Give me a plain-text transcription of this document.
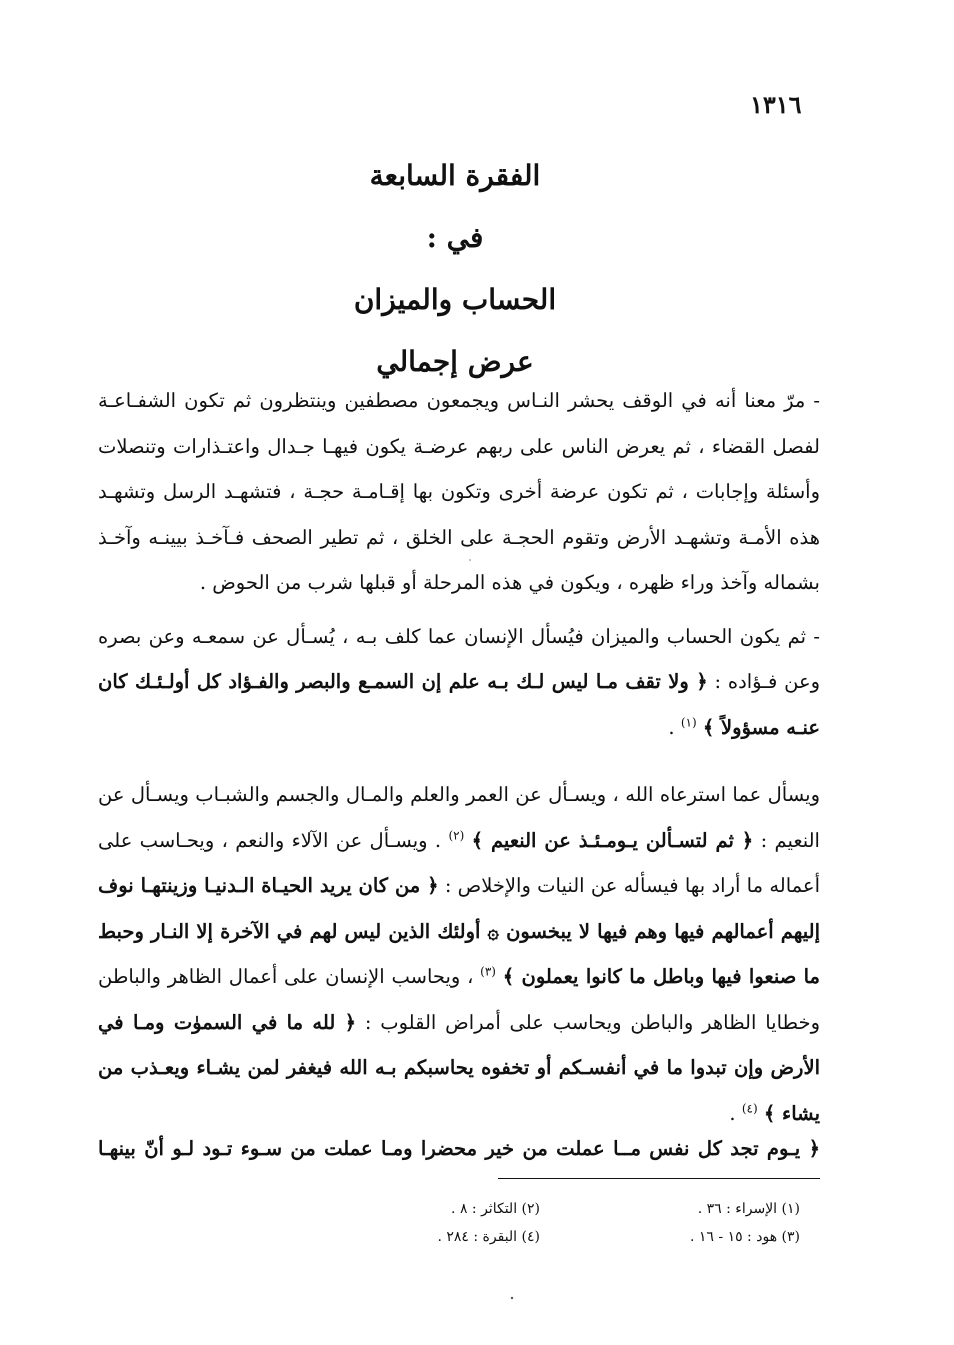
١٣١٦
الفقرة السابعة
في :
الحساب والميزان
عرض إجمالي

- مرّ معنا أنه في الوقف يحشر النـاس ويجمعون مصطفين وينتظرون ثم تكون الشفـاعـة لفصل القضاء ، ثم يعرض الناس على ربهم عرضـة يكون فيهـا جـدال واعتـذارات وتنصلات وأسئلة وإجابات ، ثم تكون عرضة أخرى وتكون بها إقـامـة حجـة ، فتشهـد الرسل وتشهـد هذه الأمـة وتشهـد الأرض وتقوم الحجـة على الخلق ، ثم تطير الصحف فـآخـذ بيينـه وآخـذ بشماله وآخذ وراء ظهره ، ويكون في هذه المرحلة أو قبلها شرب من الحوض .

- ثم يكون الحساب والميزان فيُسأل الإنسان عما كلف بـه ، يُسـأل عن سمعـه وعن بصره وعن فـؤاده : ﴿ ولا تقف مـا ليس لـك بـه علم إن السمـع والبصر والفـؤاد كل أولـئـك كان عنـه مسؤولاً ﴾ $^{(١)}$ .

ويسأل عما استرعاه الله ، ويسـأل عن العمر والعلم والمـال والجسم والشبـاب ويسـأل عن النعيم : ﴿ ثم لتسـألن يـومـئـذ عن النعيم ﴾ $^{(٢)}$ . ويسـأل عن الآلاء والنعم ، ويحـاسب على أعماله ما أراد بها فيسأله عن النيات والإخلاص : ﴿ من كان يريد الحيـاة الـدنيـا وزينتهـا نوف إليهم أعمالهم فيها وهم فيها لا يبخسون ۞ أولئك الذين ليس لهم في الآخرة إلا النـار وحبط ما صنعوا فيها وباطل ما كانوا يعملون ﴾ $^{(٣)}$ ، ويحاسب الإنسان على أعمال الظاهر والباطن وخطايا الظاهر والباطن ويحاسب على أمراض القلوب : ﴿ لله ما في السموٰت ومـا في الأرض وإن تبدوا ما في أنفسـكم أو تخفوه يحاسبكم بـه الله فيغفر لمن يشـاء ويعـذب من يشاء ﴾ $^{(٤)}$ .

﴿ يـوم تجد كل نفس مــا عملت من خير محضرا ومـا عملت من سـوء تـود لـو أنّ بينهـا
(١) الإسراء : ٣٦ .
(٢) التكاثر : ٨ .
(٣) هود : ١٥ - ١٦ .
(٤) البقرة : ٢٨٤ .
